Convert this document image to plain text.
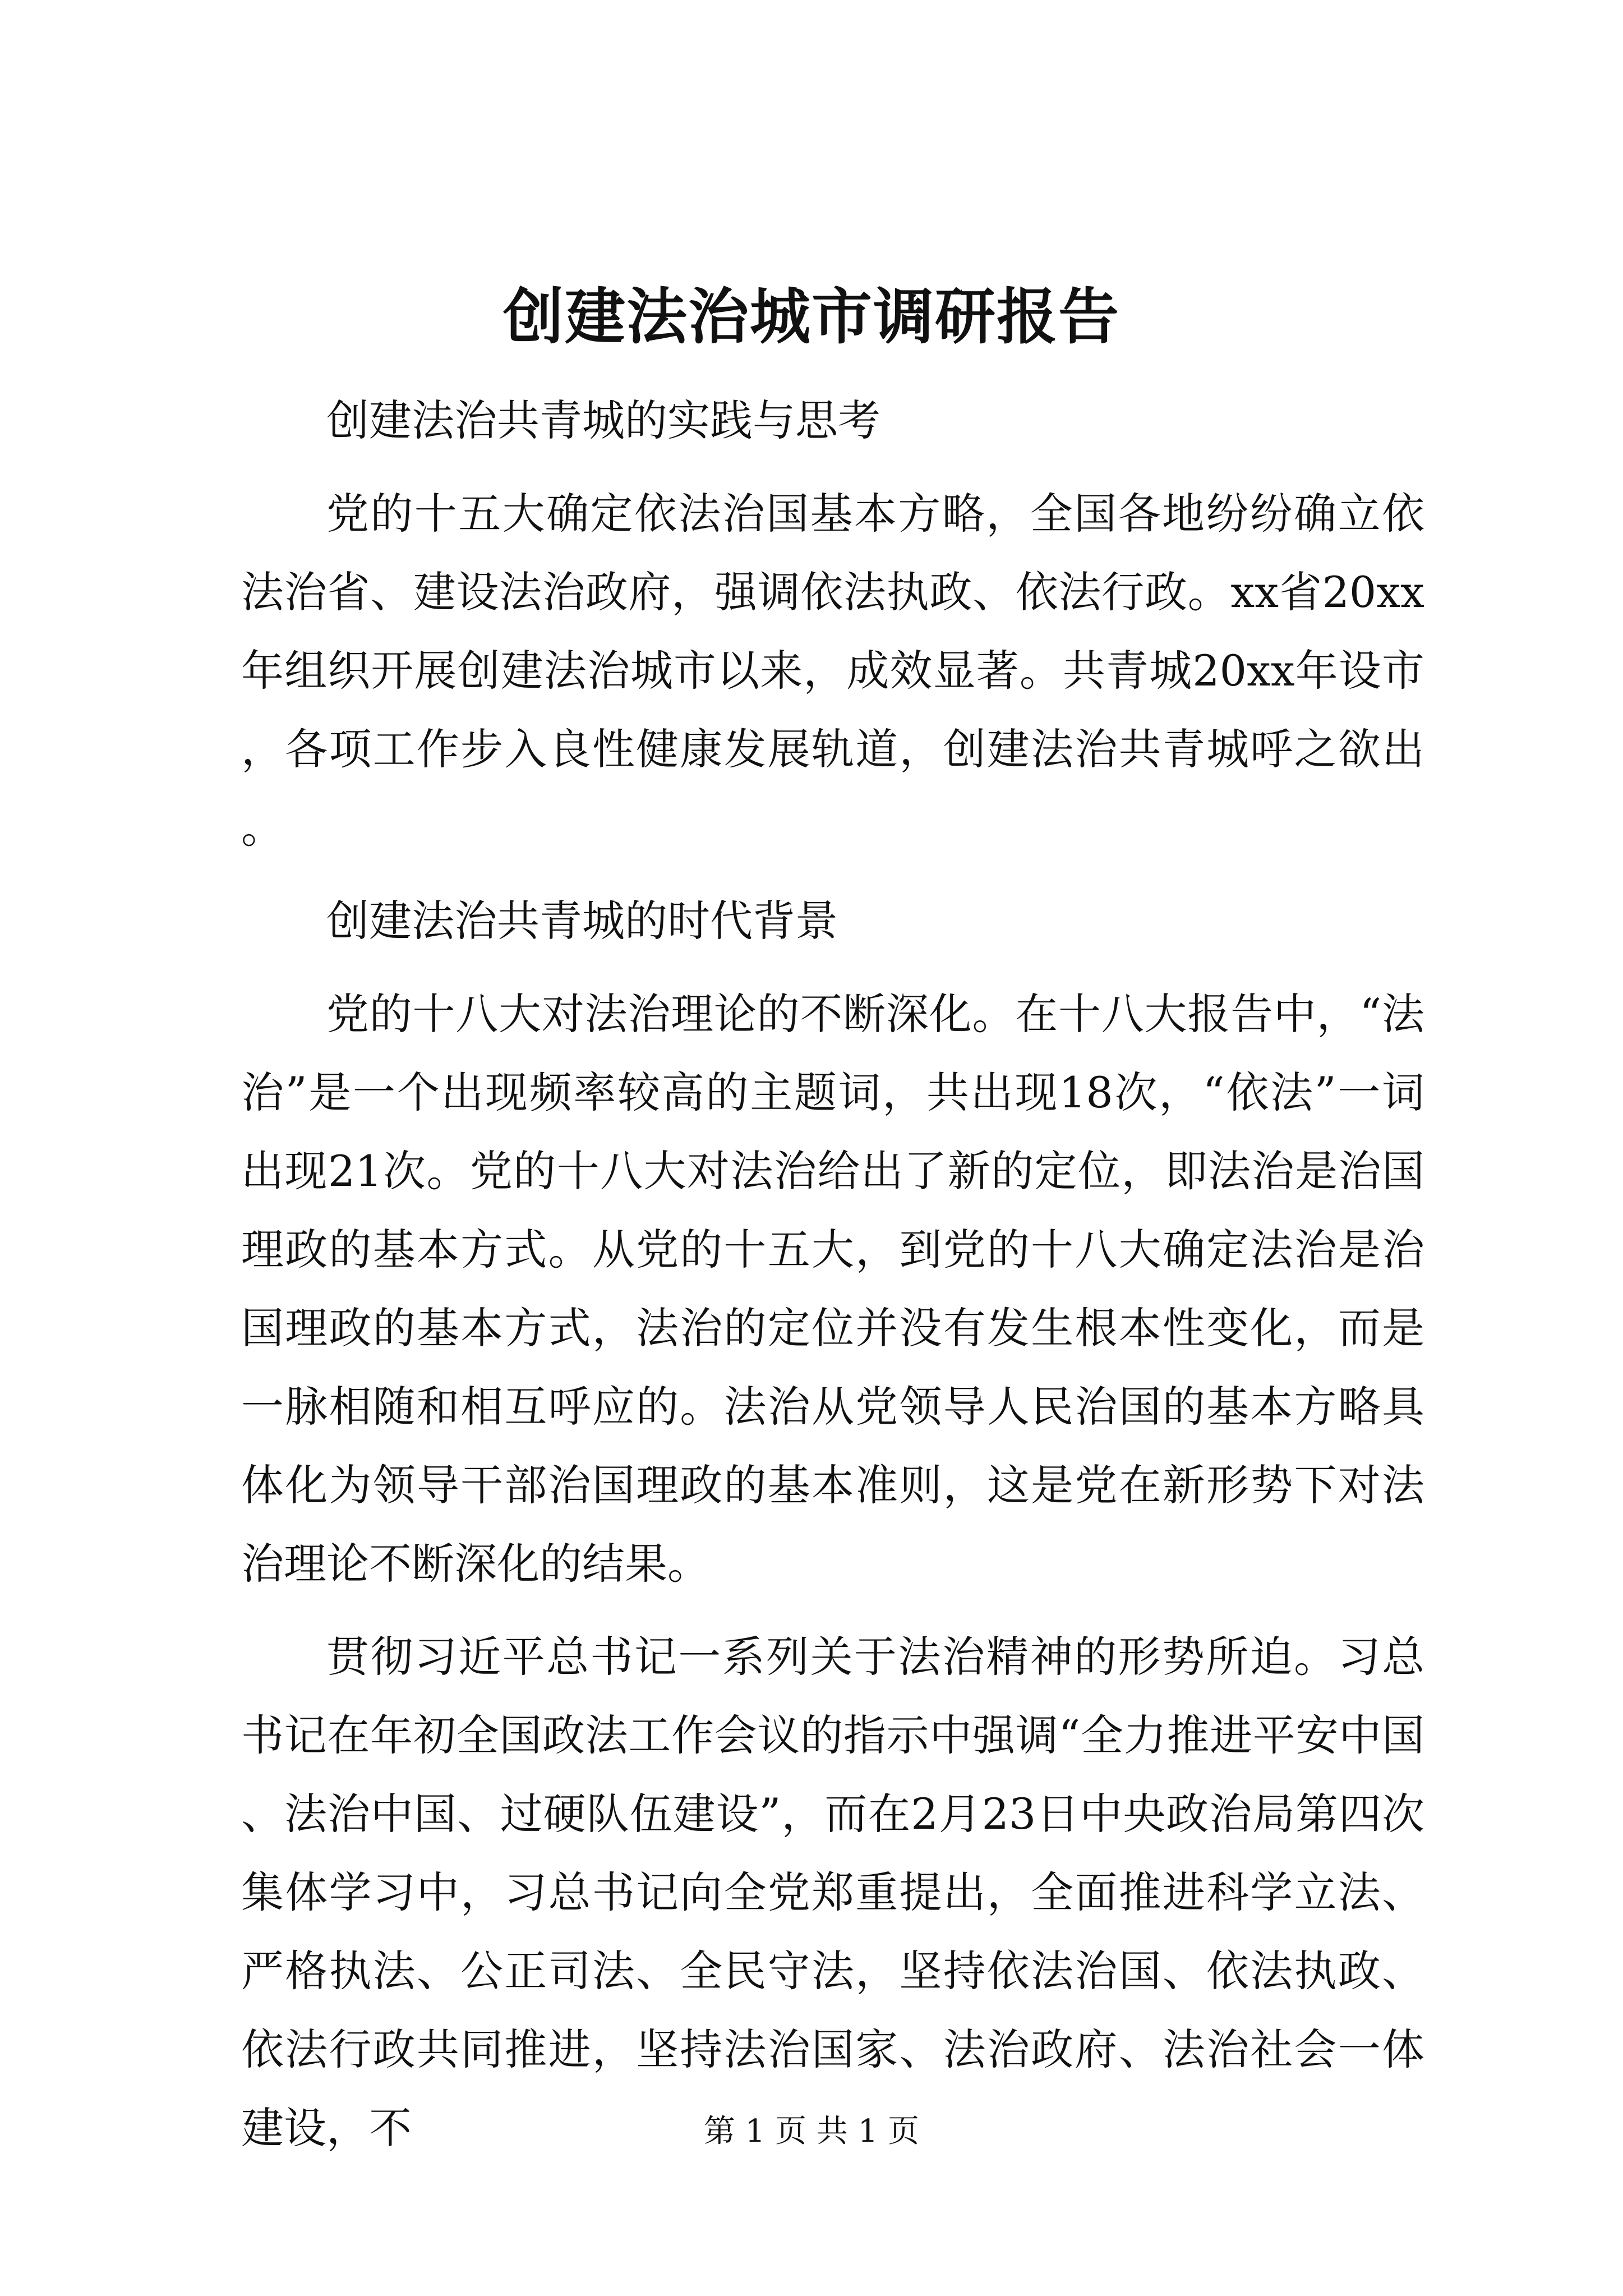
创建法治城市调研报告

创建法治共青城的实践与思考

党的十五大确定依法治国基本方略，全国各地纷纷确立依法治省、建设法治政府，强调依法执政、依法行政。xx省20xx年组织开展创建法治城市以来，成效显著。共青城20xx年设市，各项工作步入良性健康发展轨道，创建法治共青城呼之欲出。

创建法治共青城的时代背景

党的十八大对法治理论的不断深化。在十八大报告中，“法治”是一个出现频率较高的主题词，共出现18次，“依法”一词出现21次。党的十八大对法治给出了新的定位，即法治是治国理政的基本方式。从党的十五大，到党的十八大确定法治是治国理政的基本方式，法治的定位并没有发生根本性变化，而是一脉相随和相互呼应的。法治从党领导人民治国的基本方略具体化为领导干部治国理政的基本准则，这是党在新形势下对法治理论不断深化的结果。

贯彻习近平总书记一系列关于法治精神的形势所迫。习总书记在年初全国政法工作会议的指示中强调“全力推进平安中国、法治中国、过硬队伍建设”，而在2月23日中央政治局第四次集体学习中，习总书记向全党郑重提出，全面推进科学立法、严格执法、公正司法、全民守法，坚持依法治国、依法执政、依法行政共同推进，坚持法治国家、法治政府、法治社会一体建设，不	第 1 页 共 1 页
